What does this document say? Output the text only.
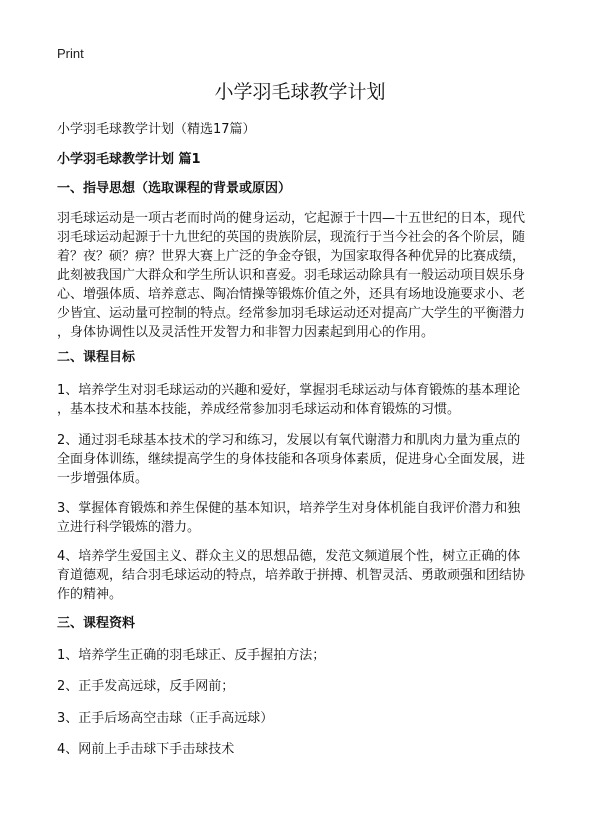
Print
小学羽毛球教学计划
小学羽毛球教学计划（精选17篇）
小学羽毛球教学计划 篇1
一、指导思想（选取课程的背景或原因）
羽毛球运动是一项古老而时尚的健身运动，它起源于十四—十五世纪的日本，现代
羽毛球运动起源于十九世纪的英国的贵族阶层，现流行于当今社会的各个阶层，随
着？夜？硕？痹？世界大赛上广泛的争金夺银，为国家取得各种优异的比赛成绩，
此刻被我国广大群众和学生所认识和喜爱。羽毛球运动除具有一般运动项目娱乐身
心、增强体质、培养意志、陶冶情操等锻炼价值之外，还具有场地设施要求小、老
少皆宜、运动量可控制的特点。经常参加羽毛球运动还对提高广大学生的平衡潜力
，身体协调性以及灵活性开发智力和非智力因素起到用心的作用。
二、课程目标
1、培养学生对羽毛球运动的兴趣和爱好，掌握羽毛球运动与体育锻炼的基本理论
，基本技术和基本技能，养成经常参加羽毛球运动和体育锻炼的习惯。
2、通过羽毛球基本技术的学习和练习，发展以有氧代谢潜力和肌肉力量为重点的
全面身体训练，继续提高学生的身体技能和各项身体素质，促进身心全面发展，进
一步增强体质。
3、掌握体育锻炼和养生保健的基本知识，培养学生对身体机能自我评价潜力和独
立进行科学锻炼的潜力。
4、培养学生爱国主义、群众主义的思想品德，发范文频道展个性，树立正确的体
育道德观，结合羽毛球运动的特点，培养敢于拼搏、机智灵活、勇敢顽强和团结协
作的精神。
三、课程资料
1、培养学生正确的羽毛球正、反手握拍方法；
2、正手发高远球，反手网前；
3、正手后场高空击球（正手高远球）
4、网前上手击球下手击球技术
